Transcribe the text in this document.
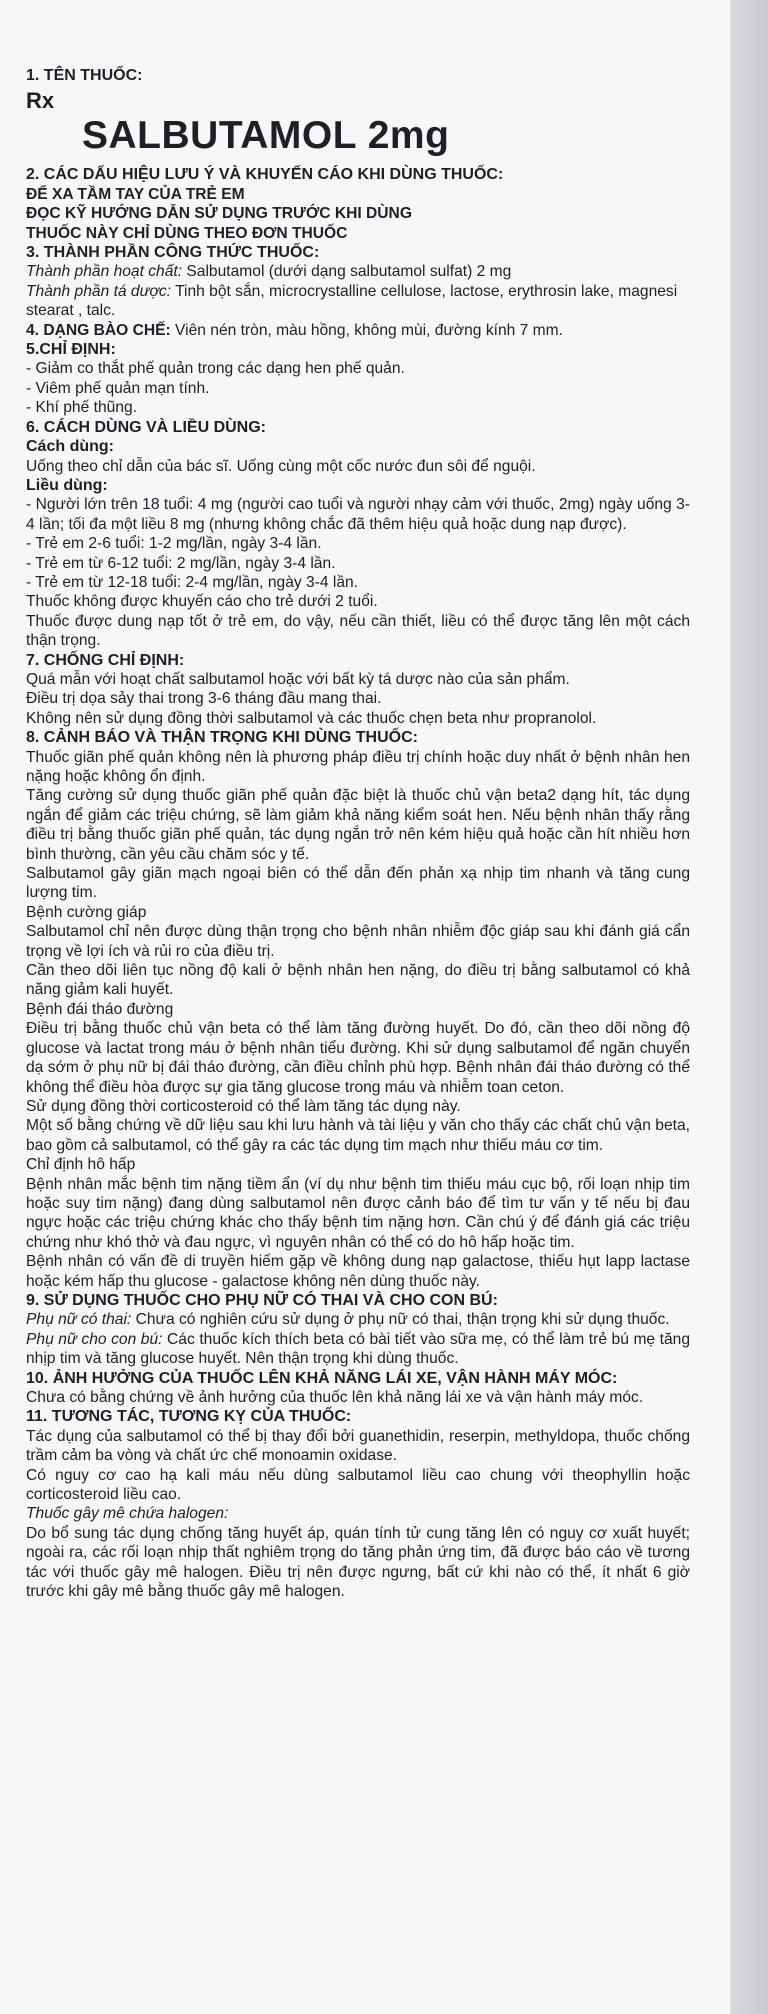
1. TÊN THUỐC:

Rx

SALBUTAMOL 2mg

2. CÁC DẤU HIỆU LƯU Ý VÀ KHUYẾN CÁO KHI DÙNG THUỐC:

ĐỂ XA TẦM TAY CỦA TRẺ EM

ĐỌC KỸ HƯỚNG DẪN SỬ DỤNG TRƯỚC KHI DÙNG

THUỐC NÀY CHỈ DÙNG THEO ĐƠN THUỐC

3. THÀNH PHẦN CÔNG THỨC THUỐC:

Thành phần hoạt chất: Salbutamol (dưới dạng salbutamol sulfat) 2 mg

Thành phần tá dược: Tinh bột sắn, microcrystalline cellulose, lactose, erythrosin lake, magnesi stearat , talc.

4. DẠNG BÀO CHẾ: Viên nén tròn, màu hồng, không mùi, đường kính 7 mm.

5.CHỈ ĐỊNH:

- Giảm co thắt phế quản trong các dạng hen phế quản.

- Viêm phế quản mạn tính.

- Khí phế thũng.

6. CÁCH DÙNG VÀ LIỀU DÙNG:

Cách dùng:

Uống theo chỉ dẫn của bác sĩ. Uống cùng một cốc nước đun sôi để nguội.

Liều dùng:

- Người lớn trên 18 tuổi: 4 mg (người cao tuổi và người nhạy cảm với thuốc, 2mg) ngày uống 3-4 lần; tối đa một liều 8 mg (nhưng không chắc đã thêm hiệu quả hoặc dung nạp được).

- Trẻ em 2-6 tuổi: 1-2 mg/lần, ngày 3-4 lần.

- Trẻ em từ 6-12 tuổi: 2 mg/lần, ngày 3-4 lần.

- Trẻ em từ 12-18 tuổi: 2-4 mg/lần, ngày 3-4 lần.

Thuốc không được khuyến cáo cho trẻ dưới 2 tuổi.

Thuốc được dung nạp tốt ở trẻ em, do vậy, nếu cần thiết, liều có thể được tăng lên một cách thận trọng.

7. CHỐNG CHỈ ĐỊNH:

Quá mẫn với hoạt chất salbutamol hoặc với bất kỳ tá dược nào của sản phẩm.

Điều trị dọa sảy thai trong 3-6 tháng đầu mang thai.

Không nên sử dụng đồng thời salbutamol và các thuốc chẹn beta như propranolol.

8. CẢNH BÁO VÀ THẬN TRỌNG KHI DÙNG THUỐC:

Thuốc giãn phế quản không nên là phương pháp điều trị chính hoặc duy nhất ở bệnh nhân hen nặng hoặc không ổn định.

Tăng cường sử dụng thuốc giãn phế quản đặc biệt là thuốc chủ vận beta2 dạng hít, tác dụng ngắn để giảm các triệu chứng, sẽ làm giảm khả năng kiểm soát hen. Nếu bệnh nhân thấy rằng điều trị bằng thuốc giãn phế quản, tác dụng ngắn trở nên kém hiệu quả hoặc cần hít nhiều hơn bình thường, cần yêu cầu chăm sóc y tế.

Salbutamol gây giãn mạch ngoại biên có thể dẫn đến phản xạ nhịp tim nhanh và tăng cung lượng tim.

Bệnh cường giáp

Salbutamol chỉ nên được dùng thận trọng cho bệnh nhân nhiễm độc giáp sau khi đánh giá cẩn trọng về lợi ích và rủi ro của điều trị.

Cần theo dõi liên tục nồng độ kali ở bệnh nhân hen nặng, do điều trị bằng salbutamol có khả năng giảm kali huyết.

Bệnh đái tháo đường

Điều trị bằng thuốc chủ vận beta có thể làm tăng đường huyết. Do đó, cần theo dõi nồng độ glucose và lactat trong máu ở bệnh nhân tiểu đường. Khi sử dụng salbutamol để ngăn chuyển dạ sớm ở phụ nữ bị đái tháo đường, cần điều chỉnh phù hợp. Bệnh nhân đái tháo đường có thể không thể điều hòa được sự gia tăng glucose trong máu và nhiễm toan ceton.

Sử dụng đồng thời corticosteroid có thể làm tăng tác dụng này.

Một số bằng chứng về dữ liệu sau khi lưu hành và tài liệu y văn cho thấy các chất chủ vận beta, bao gồm cả salbutamol, có thể gây ra các tác dụng tim mạch như thiếu máu cơ tim.

Chỉ định hô hấp

Bệnh nhân mắc bệnh tim nặng tiềm ẩn (ví dụ như bệnh tim thiếu máu cục bộ, rối loạn nhịp tim hoặc suy tim nặng) đang dùng salbutamol nên được cảnh báo để tìm tư vấn y tế nếu bị đau ngực hoặc các triệu chứng khác cho thấy bệnh tim nặng hơn. Cần chú ý để đánh giá các triệu chứng như khó thở và đau ngực, vì nguyên nhân có thể có do hô hấp hoặc tim.

Bệnh nhân có vấn đề di truyền hiếm gặp về không dung nạp galactose, thiếu hụt lapp lactase hoặc kém hấp thu glucose - galactose không nên dùng thuốc này.

9. SỬ DỤNG THUỐC CHO PHỤ NỮ CÓ THAI VÀ CHO CON BÚ:

Phụ nữ có thai: Chưa có nghiên cứu sử dụng ở phụ nữ có thai, thận trọng khi sử dụng thuốc.

Phụ nữ cho con bú: Các thuốc kích thích beta có bài tiết vào sữa mẹ, có thể làm trẻ bú mẹ tăng nhịp tim và tăng glucose huyết. Nên thận trọng khi dùng thuốc.

10. ẢNH HƯỞNG CỦA THUỐC LÊN KHẢ NĂNG LÁI XE, VẬN HÀNH MÁY MÓC:

Chưa có bằng chứng về ảnh hưởng của thuốc lên khả năng lái xe và vận hành máy móc.

11. TƯƠNG TÁC, TƯƠNG KỴ CỦA THUỐC:

Tác dụng của salbutamol có thể bị thay đổi bởi guanethidin, reserpin, methyldopa, thuốc chống trầm cảm ba vòng và chất ức chế monoamin oxidase.

Có nguy cơ cao hạ kali máu nếu dùng salbutamol liều cao chung với theophyllin hoặc corticosteroid liều cao.

Thuốc gây mê chứa halogen:

Do bổ sung tác dụng chống tăng huyết áp, quán tính tử cung tăng lên có nguy cơ xuất huyết; ngoài ra, các rối loạn nhịp thất nghiêm trọng do tăng phản ứng tim, đã được báo cáo về tương tác với thuốc gây mê halogen. Điều trị nên được ngưng, bất cứ khi nào có thể, ít nhất 6 giờ trước khi gây mê bằng thuốc gây mê halogen.
